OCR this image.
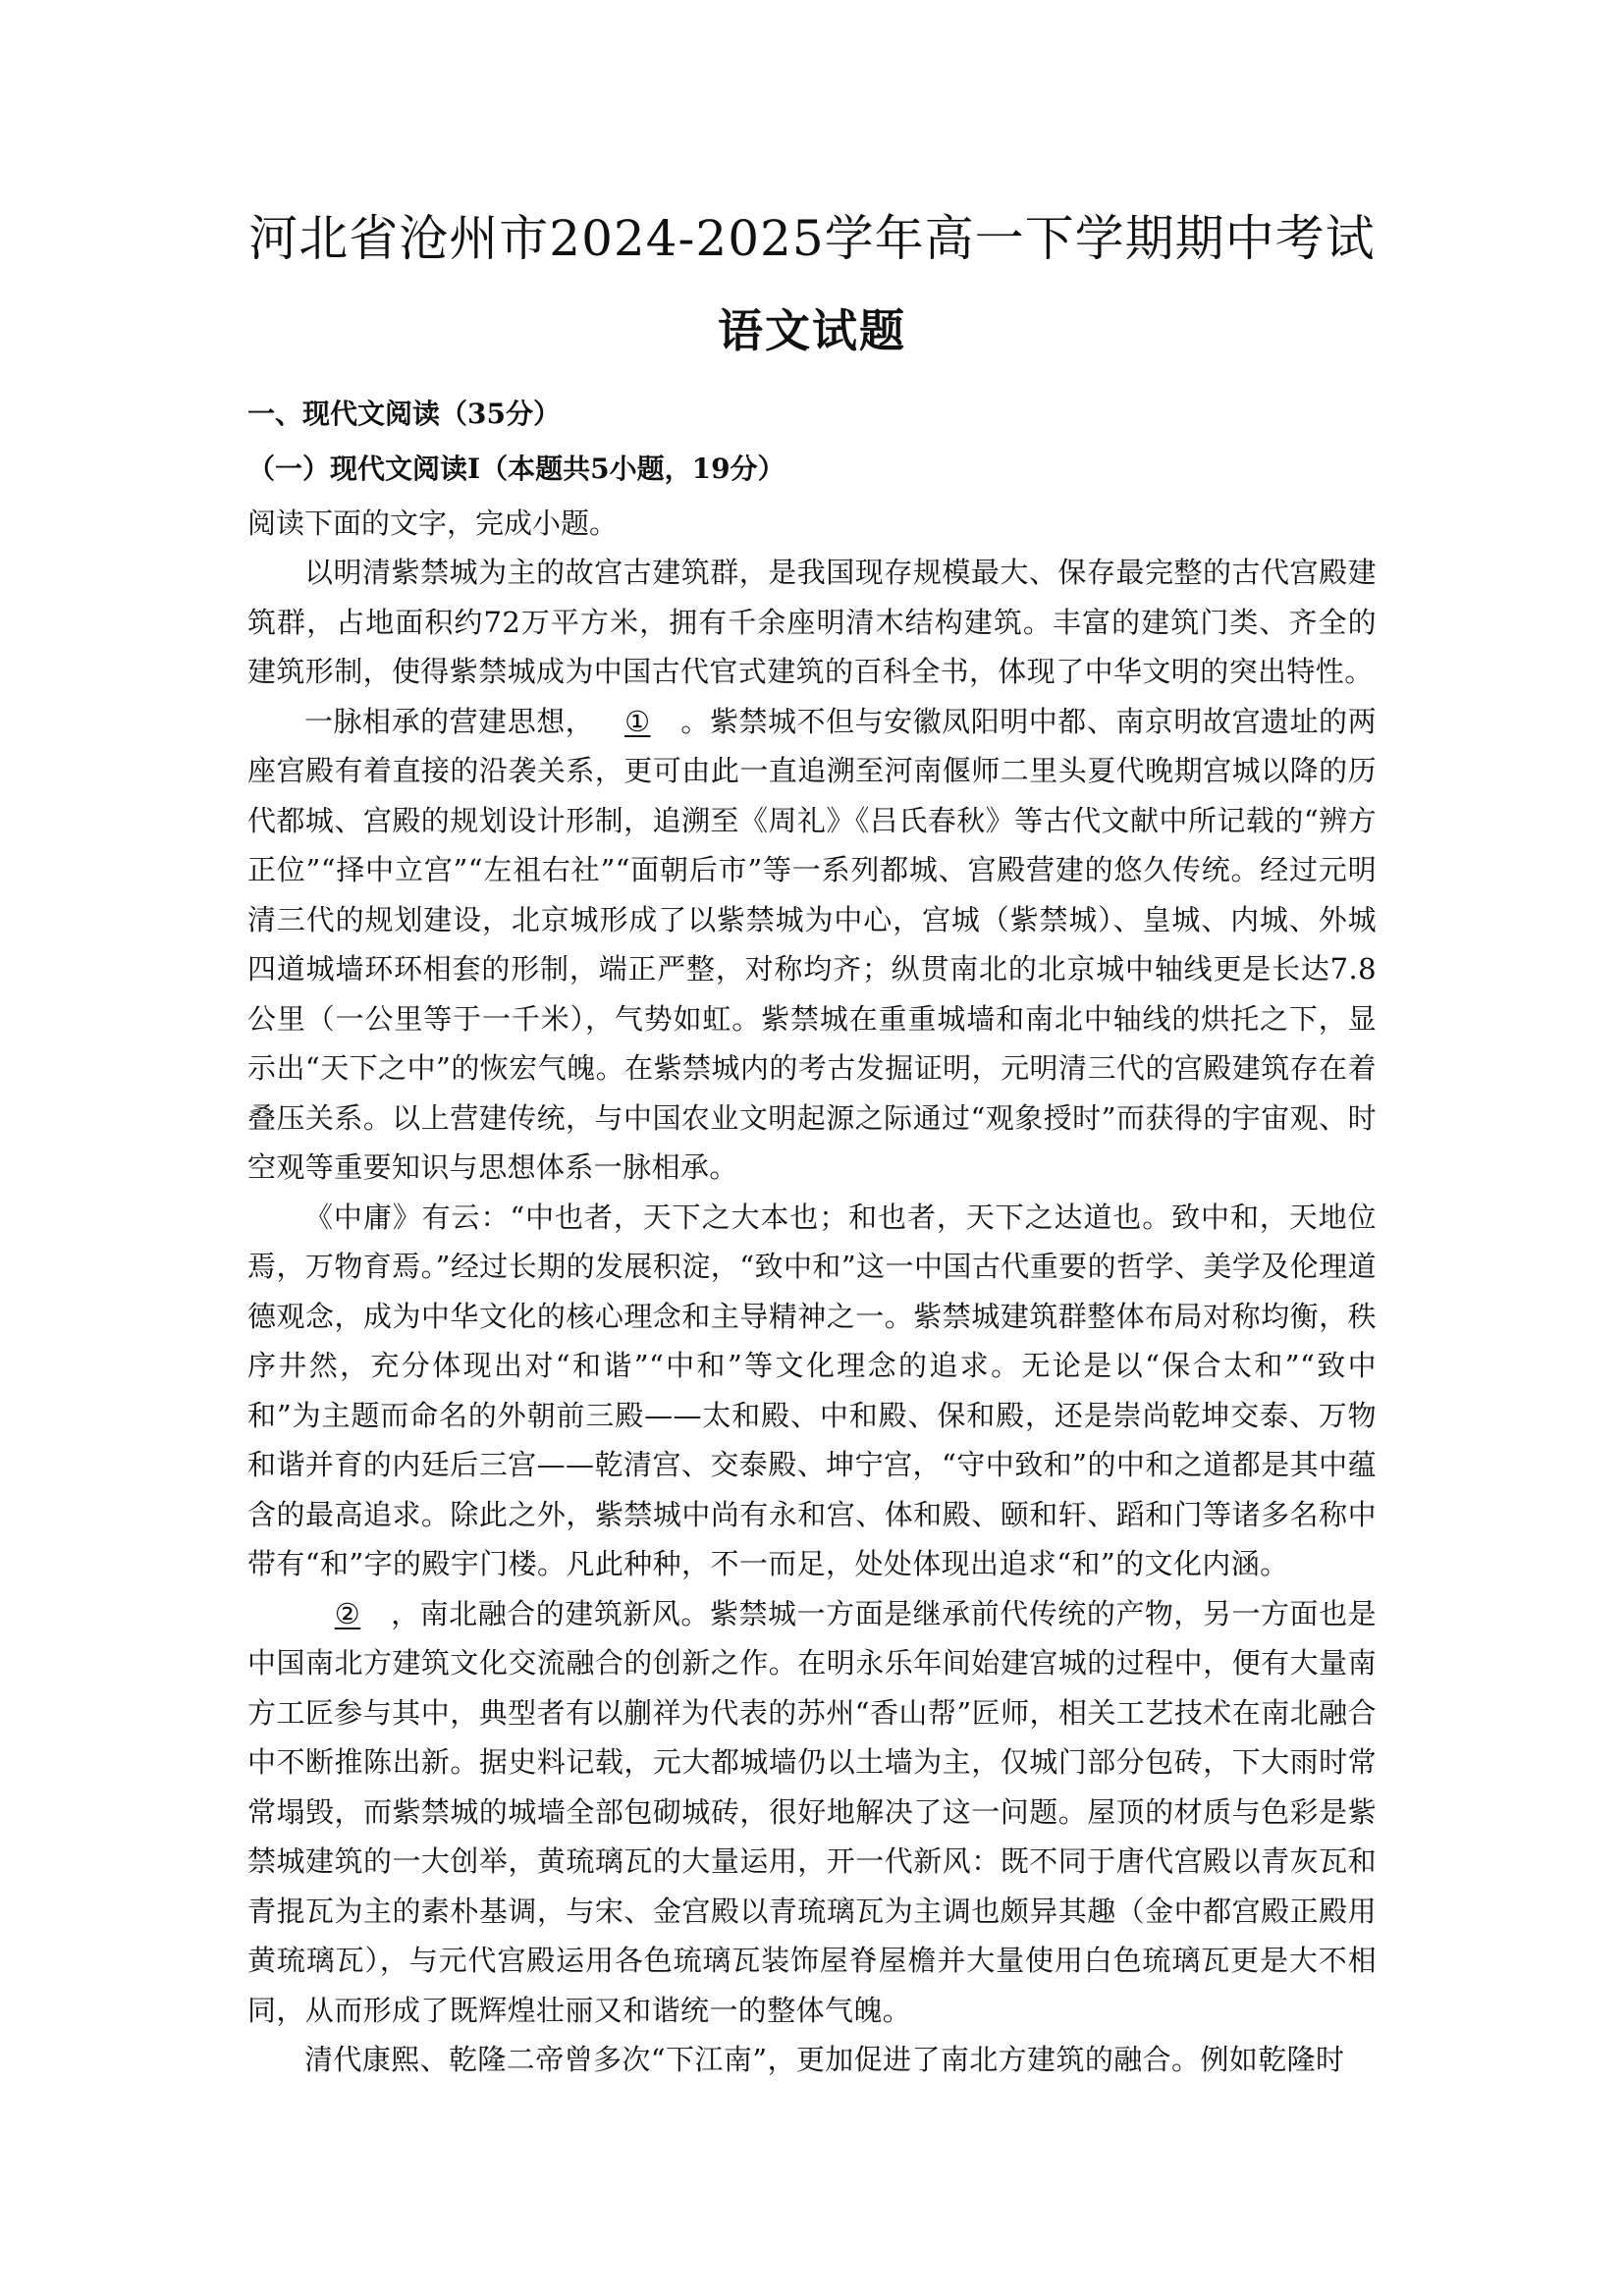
河北省沧州市2024-2025学年高一下学期期中考试
语文试题
一、现代文阅读（35分）
（一）现代文阅读Ⅰ（本题共5小题，19分）

阅读下面的文字，完成小题。

以明清紫禁城为主的故宫古建筑群，是我国现存规模最大、保存最完整的古代宫殿建筑群，占地面积约72万平方米，拥有千余座明清木结构建筑。丰富的建筑门类、齐全的建筑形制，使得紫禁城成为中国古代官式建筑的百科全书，体现了中华文明的突出特性。

一脉相承的营建思想， ① 。紫禁城不但与安徽凤阳明中都、南京明故宫遗址的两座宫殿有着直接的沿袭关系，更可由此一直追溯至河南偃师二里头夏代晚期宫城以降的历代都城、宫殿的规划设计形制，追溯至《周礼》《吕氏春秋》等古代文献中所记载的“辨方正位”“择中立宫”“左祖右社”“面朝后市”等一系列都城、宫殿营建的悠久传统。经过元明清三代的规划建设，北京城形成了以紫禁城为中心，宫城（紫禁城）、皇城、内城、外城四道城墙环环相套的形制，端正严整，对称均齐；纵贯南北的北京城中轴线更是长达7.8公里（一公里等于一千米），气势如虹。紫禁城在重重城墙和南北中轴线的烘托之下，显示出“天下之中”的恢宏气魄。在紫禁城内的考古发掘证明，元明清三代的宫殿建筑存在着叠压关系。以上营建传统，与中国农业文明起源之际通过“观象授时”而获得的宇宙观、时空观等重要知识与思想体系一脉相承。

《中庸》有云：“中也者，天下之大本也；和也者，天下之达道也。致中和，天地位焉，万物育焉。”经过长期的发展积淀，“致中和”这一中国古代重要的哲学、美学及伦理道德观念，成为中华文化的核心理念和主导精神之一。紫禁城建筑群整体布局对称均衡，秩序井然，充分体现出对“和谐”“中和”等文化理念的追求。无论是以“保合太和”“致中和”为主题而命名的外朝前三殿——太和殿、中和殿、保和殿，还是崇尚乾坤交泰、万物和谐并育的内廷后三宫——乾清宫、交泰殿、坤宁宫，“守中致和”的中和之道都是其中蕴含的最高追求。除此之外，紫禁城中尚有永和宫、体和殿、颐和轩、蹈和门等诸多名称中带有“和”字的殿宇门楼。凡此种种，不一而足，处处体现出追求“和”的文化内涵。

② ，南北融合的建筑新风。紫禁城一方面是继承前代传统的产物，另一方面也是中国南北方建筑文化交流融合的创新之作。在明永乐年间始建宫城的过程中，便有大量南方工匠参与其中，典型者有以蒯祥为代表的苏州“香山帮”匠师，相关工艺技术在南北融合中不断推陈出新。据史料记载，元大都城墙仍以土墙为主，仅城门部分包砖，下大雨时常常塌毁，而紫禁城的城墙全部包砌城砖，很好地解决了这一问题。屋顶的材质与色彩是紫禁城建筑的一大创举，黄琉璃瓦的大量运用，开一代新风：既不同于唐代宫殿以青灰瓦和青掍瓦为主的素朴基调，与宋、金宫殿以青琉璃瓦为主调也颇异其趣（金中都宫殿正殿用黄琉璃瓦），与元代宫殿运用各色琉璃瓦装饰屋脊屋檐并大量使用白色琉璃瓦更是大不相同，从而形成了既辉煌壮丽又和谐统一的整体气魄。

清代康熙、乾隆二帝曾多次“下江南”，更加促进了南北方建筑的融合。例如乾隆时
